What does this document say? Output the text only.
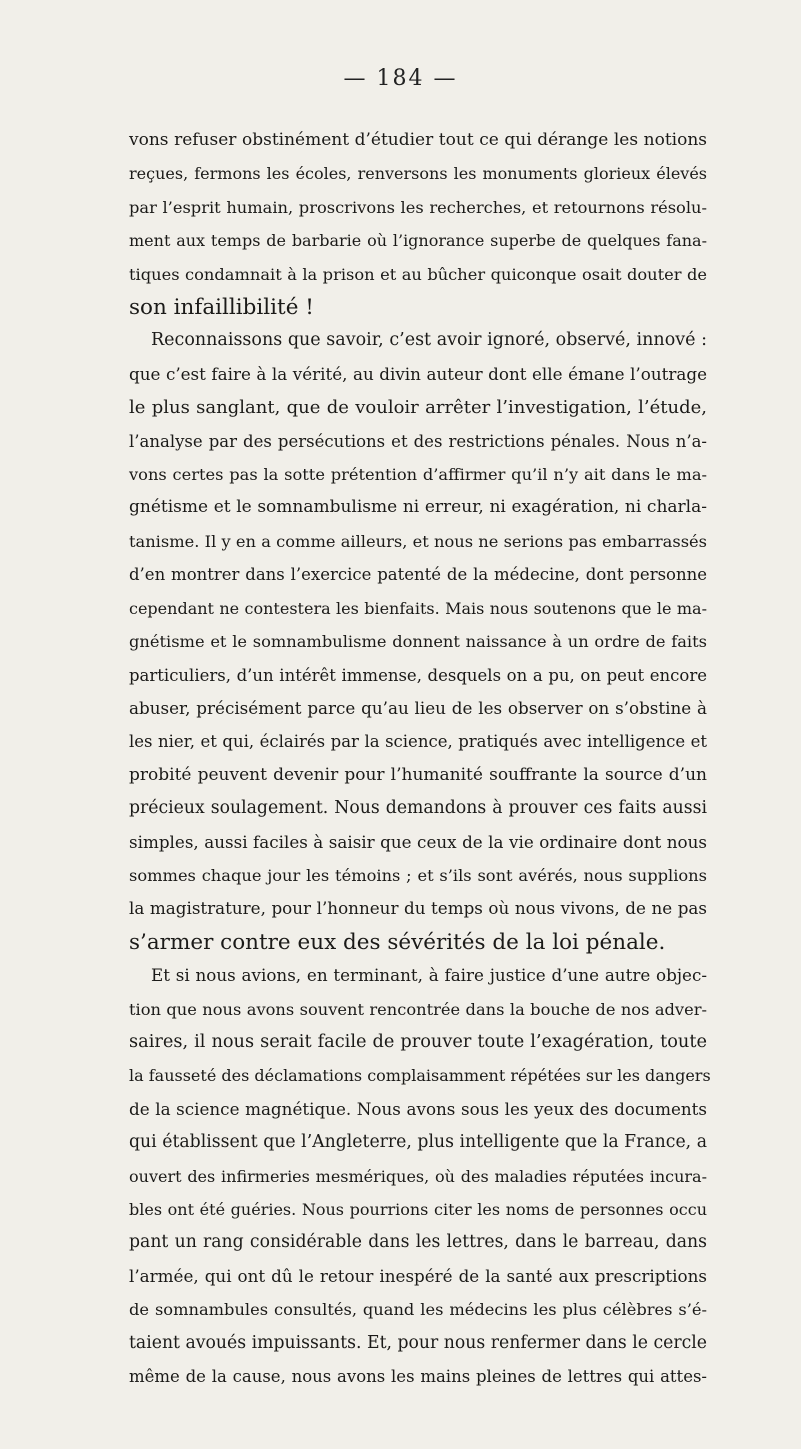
— 184 —
vons refuser obstinément d’étudier tout ce qui dérange les notions
reçues, fermons les écoles, renversons les monuments glorieux élevés
par l’esprit humain, proscrivons les recherches, et retournons résolu-
ment aux temps de barbarie où l’ignorance superbe de quelques fana-
tiques condamnait à la prison et au bûcher quiconque osait douter de
son infaillibilité !
Reconnaissons que savoir, c’est avoir ignoré, observé, innové :
que c’est faire à la vérité, au divin auteur dont elle émane l’outrage
le plus sanglant, que de vouloir arrêter l’investigation, l’étude,
l’analyse par des persécutions et des restrictions pénales. Nous n’a-
vons certes pas la sotte prétention d’affirmer qu’il n’y ait dans le ma-
gnétisme et le somnambulisme ni erreur, ni exagération, ni charla-
tanisme. Il y en a comme ailleurs, et nous ne serions pas embarrassés
d’en montrer dans l’exercice patenté de la médecine, dont personne
cependant ne contestera les bienfaits. Mais nous soutenons que le ma-
gnétisme et le somnambulisme donnent naissance à un ordre de faits
particuliers, d’un intérêt immense, desquels on a pu, on peut encore
abuser, précisément parce qu’au lieu de les observer on s’obstine à
les nier, et qui, éclairés par la science, pratiqués avec intelligence et
probité peuvent devenir pour l’humanité souffrante la source d’un
précieux soulagement. Nous demandons à prouver ces faits aussi
simples, aussi faciles à saisir que ceux de la vie ordinaire dont nous
sommes chaque jour les témoins ; et s’ils sont avérés, nous supplions
la magistrature, pour l’honneur du temps où nous vivons, de ne pas
s’armer contre eux des sévérités de la loi pénale.
Et si nous avions, en terminant, à faire justice d’une autre objec-
tion que nous avons souvent rencontrée dans la bouche de nos adver-
saires, il nous serait facile de prouver toute l’exagération, toute
la fausseté des déclamations complaisamment répétées sur les dangers
de la science magnétique. Nous avons sous les yeux des documents
qui établissent que l’Angleterre, plus intelligente que la France, a
ouvert des infirmeries mesmériques, où des maladies réputées incura-
bles ont été guéries. Nous pourrions citer les noms de personnes occu
pant un rang considérable dans les lettres, dans le barreau, dans
l’armée, qui ont dû le retour inespéré de la santé aux prescriptions
de somnambules consultés, quand les médecins les plus célèbres s’é-
taient avoués impuissants. Et, pour nous renfermer dans le cercle
même de la cause, nous avons les mains pleines de lettres qui attes-
